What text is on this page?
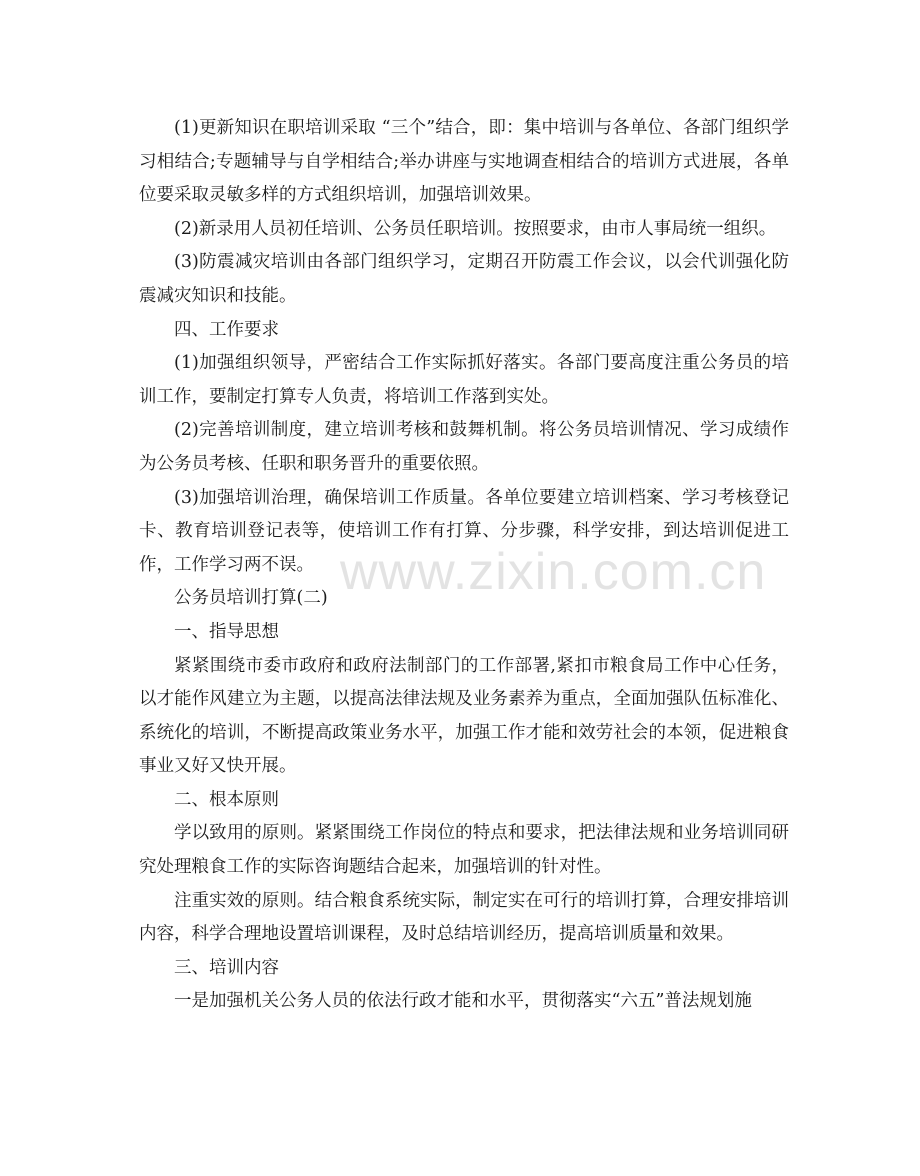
www.zixin.com.cn

(1)更新知识在职培训采取 “三个”结合，即：集中培训与各单位、各部门组织学习相结合;专题辅导与自学相结合;举办讲座与实地调查相结合的培训方式进展，各单位要采取灵敏多样的方式组织培训，加强培训效果。

(2)新录用人员初任培训、公务员任职培训。按照要求，由市人事局统一组织。

(3)防震减灾培训由各部门组织学习，定期召开防震工作会议，以会代训强化防震减灾知识和技能。

四、工作要求

(1)加强组织领导，严密结合工作实际抓好落实。各部门要高度注重公务员的培训工作，要制定打算专人负责，将培训工作落到实处。

(2)完善培训制度，建立培训考核和鼓舞机制。将公务员培训情况、学习成绩作为公务员考核、任职和职务晋升的重要依照。

(3)加强培训治理，确保培训工作质量。各单位要建立培训档案、学习考核登记卡、教育培训登记表等，使培训工作有打算、分步骤，科学安排，到达培训促进工作，工作学习两不误。

公务员培训打算(二)

一、指导思想

紧紧围绕市委市政府和政府法制部门的工作部署,紧扣市粮食局工作中心任务，以才能作风建立为主题，以提高法律法规及业务素养为重点，全面加强队伍标准化、系统化的培训，不断提高政策业务水平，加强工作才能和效劳社会的本领，促进粮食事业又好又快开展。

二、根本原则

学以致用的原则。紧紧围绕工作岗位的特点和要求，把法律法规和业务培训同研究处理粮食工作的实际咨询题结合起来，加强培训的针对性。

注重实效的原则。结合粮食系统实际，制定实在可行的培训打算，合理安排培训内容，科学合理地设置培训课程，及时总结培训经历，提高培训质量和效果。

三、培训内容

一是加强机关公务人员的依法行政才能和水平，贯彻落实“六五”普法规划施
